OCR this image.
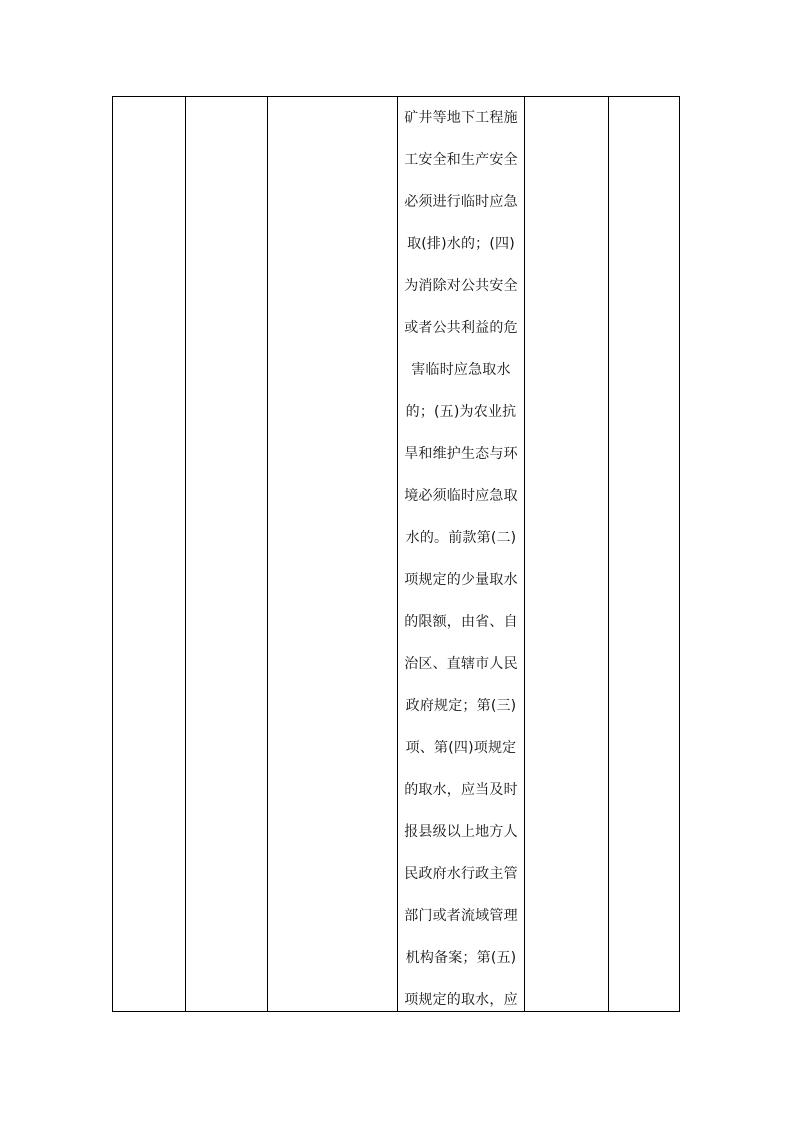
矿井等地下工程施
工安全和生产安全
必须进行临时应急
取(排)水的；(四)
为消除对公共安全
或者公共利益的危
害临时应急取水
的；(五)为农业抗
旱和维护生态与环
境必须临时应急取
水的。前款第(二)
项规定的少量取水
的限额，由省、自
治区、直辖市人民
政府规定；第(三)
项、第(四)项规定
的取水，应当及时
报县级以上地方人
民政府水行政主管
部门或者流域管理
机构备案；第(五)
项规定的取水，应
